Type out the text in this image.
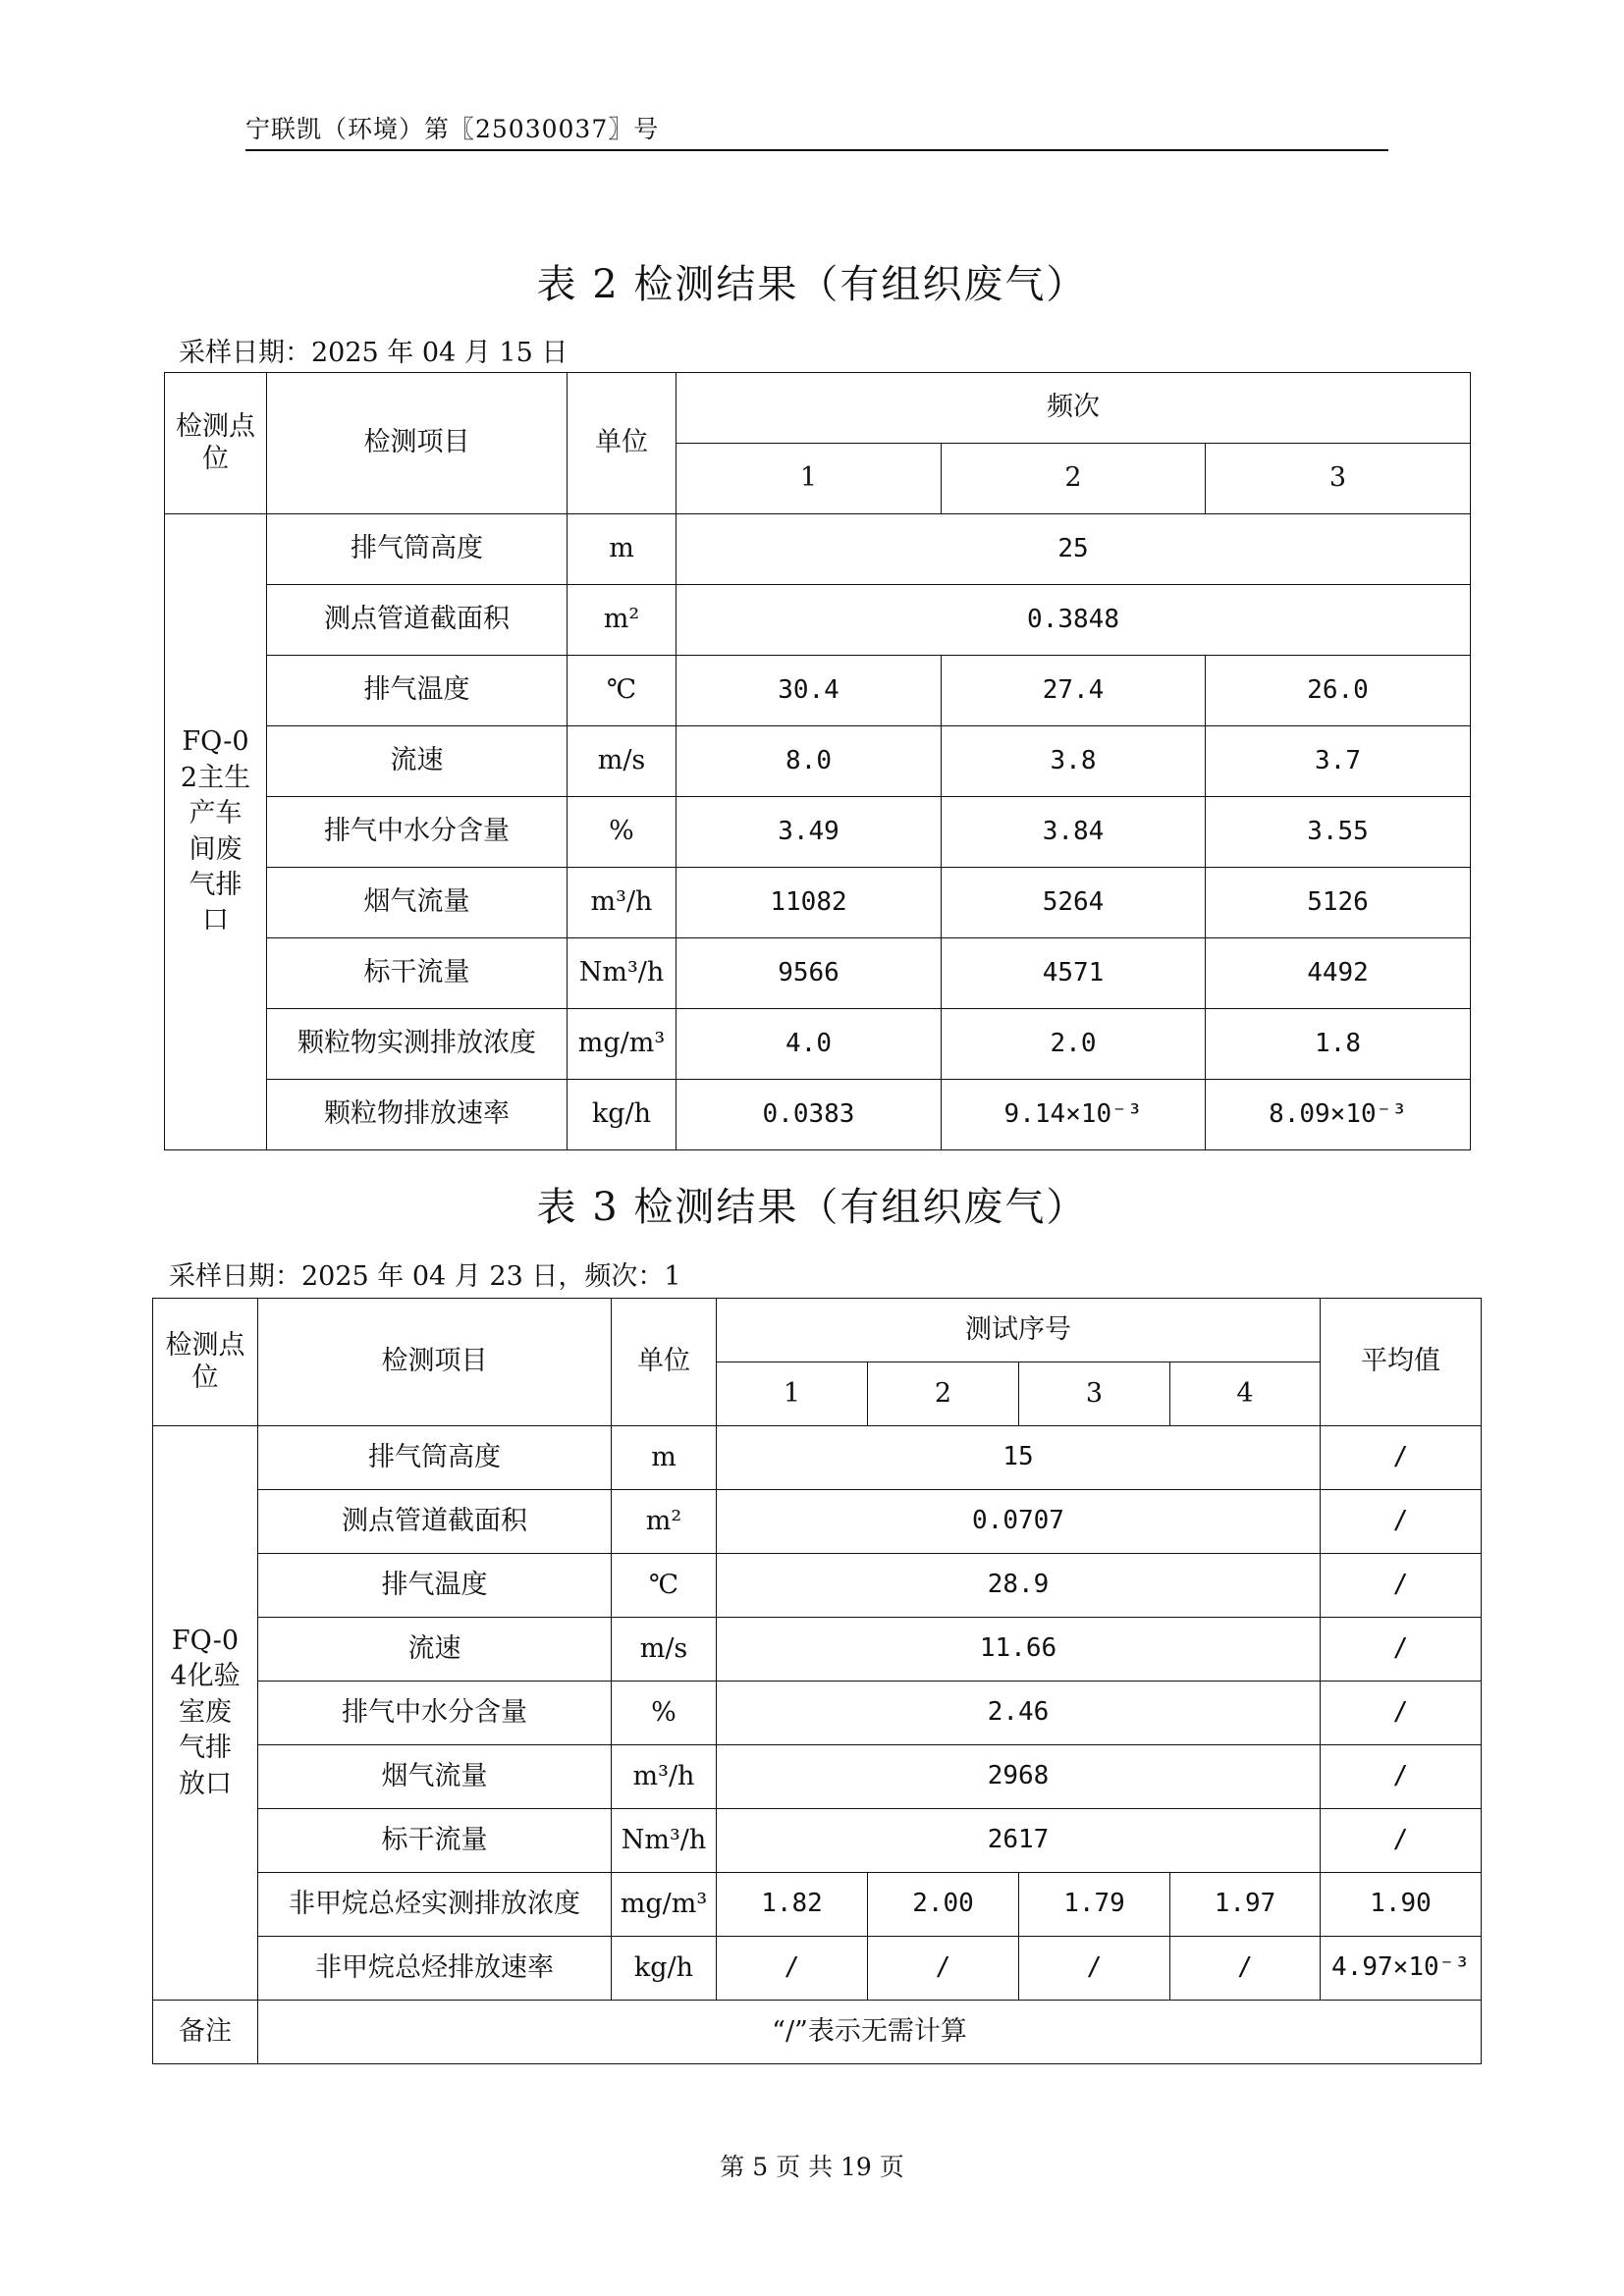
宁联凯（环境）第〖25030037〗号
表 2 检测结果（有组织废气）
采样日期：2025 年 04 月 15 日
检测点位	检测项目	单位	频次		
			1	2	3
FQ-02主生产车间废气排口	排气筒高度	m	25		
	测点管道截面积	m²	0.3848		
	排气温度	℃	30.4	27.4	26.0
	流速	m/s	8.0	3.8	3.7
	排气中水分含量	%	3.49	3.84	3.55
	烟气流量	m³/h	11082	5264	5126
	标干流量	Nm³/h	9566	4571	4492
	颗粒物实测排放浓度	mg/m³	4.0	2.0	1.8
	颗粒物排放速率	kg/h	0.0383	9.14×10⁻³	8.09×10⁻³
表 3 检测结果（有组织废气）
采样日期：2025 年 04 月 23 日，频次：1
检测点位	检测项目	单位	测试序号				平均值
			1	2	3	4	
FQ-04化验室废气排放口	排气筒高度	m	15				/
	测点管道截面积	m²	0.0707				/
	排气温度	℃	28.9				/
	流速	m/s	11.66				/
	排气中水分含量	%	2.46				/
	烟气流量	m³/h	2968				/
	标干流量	Nm³/h	2617				/
	非甲烷总烃实测排放浓度	mg/m³	1.82	2.00	1.79	1.97	1.90
	非甲烷总烃排放速率	kg/h	/	/	/	/	4.97×10⁻³
备注	“/”表示无需计算						
第 5 页 共 19 页
